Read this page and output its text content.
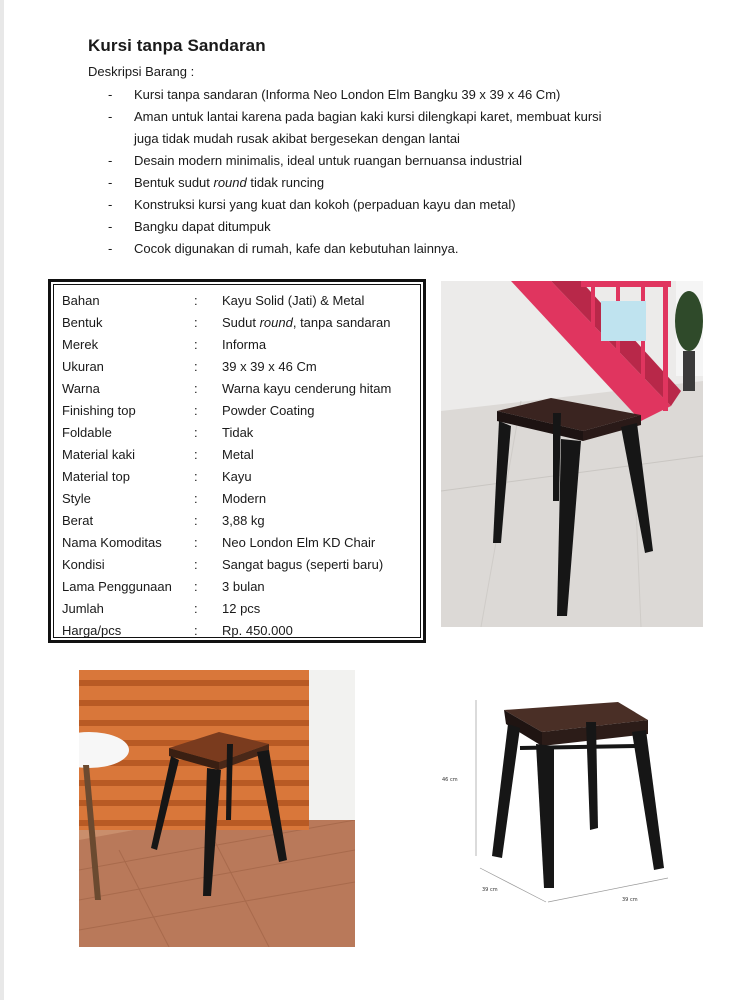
Kursi tanpa Sandaran
Deskripsi Barang :
- Kursi tanpa sandaran (Informa Neo London Elm Bangku 39 x 39 x 46 Cm)
- Aman untuk lantai karena pada bagian kaki kursi dilengkapi karet, membuat kursi
juga tidak mudah rusak akibat bergesekan dengan lantai
- Desain modern minimalis, ideal untuk ruangan bernuansa industrial
- Bentuk sudut round tidak runcing
- Konstruksi kursi yang kuat dan kokoh (perpaduan kayu dan metal)
- Bangku dapat ditumpuk
- Cocok digunakan di rumah, kafe dan kebutuhan lainnya.
Bahan	:	Kayu Solid (Jati) & Metal
Bentuk	:	Sudut round, tanpa sandaran
Merek	:	Informa
Ukuran	:	39 x 39 x 46 Cm
Warna	:	Warna kayu cenderung hitam
Finishing top	:	Powder Coating
Foldable	:	Tidak
Material kaki	:	Metal
Material top	:	Kayu
Style	:	Modern
Berat	:	3,88 kg
Nama Komoditas	:	Neo London Elm KD Chair
Kondisi	:	Sangat bagus (seperti baru)
Lama Penggunaan	:	3 bulan
Jumlah	:	12 pcs
Harga/pcs	:	Rp. 450.000
46 cm
39 cm
39 cm
